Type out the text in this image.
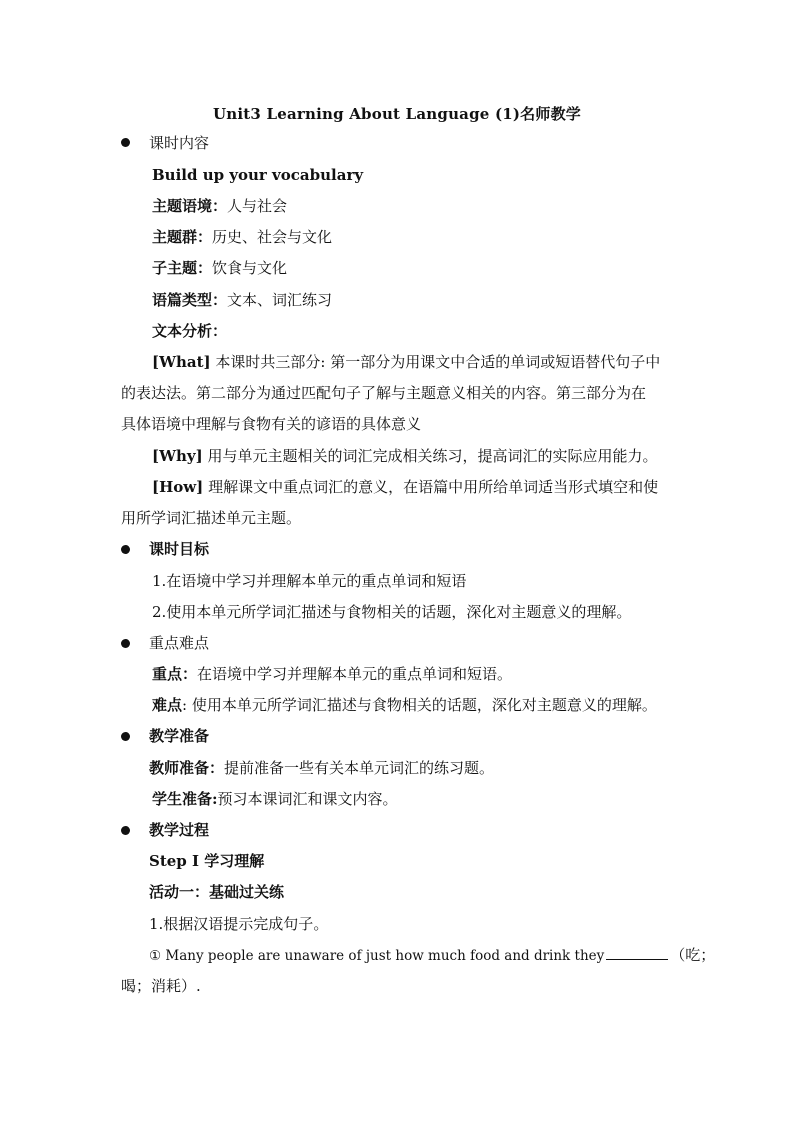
Unit3 Learning About Language (1)名师教学
课时内容
Build up your vocabulary
主题语境：人与社会
主题群：历史、社会与文化
子主题：饮食与文化
语篇类型：文本、词汇练习
文本分析：
[What] 本课时共三部分: 第一部分为用课文中合适的单词或短语替代句子中
的表达法。第二部分为通过匹配句子了解与主题意义相关的内容。第三部分为在
具体语境中理解与食物有关的谚语的具体意义
[Why] 用与单元主题相关的词汇完成相关练习，提高词汇的实际应用能力。
[How] 理解课文中重点词汇的意义，在语篇中用所给单词适当形式填空和使
用所学词汇描述单元主题。
课时目标
1.在语境中学习并理解本单元的重点单词和短语
2.使用本单元所学词汇描述与食物相关的话题，深化对主题意义的理解。
重点难点
重点：在语境中学习并理解本单元的重点单词和短语。
难点: 使用本单元所学词汇描述与食物相关的话题，深化对主题意义的理解。
教学准备
教师准备：提前准备一些有关本单元词汇的练习题。
学生准备:预习本课词汇和课文内容。
教学过程
Step I 学习理解
活动一：基础过关练
1.根据汉语提示完成句子。
① Many people are unaware of just how much food and drink they	（吃；
喝；消耗）.
